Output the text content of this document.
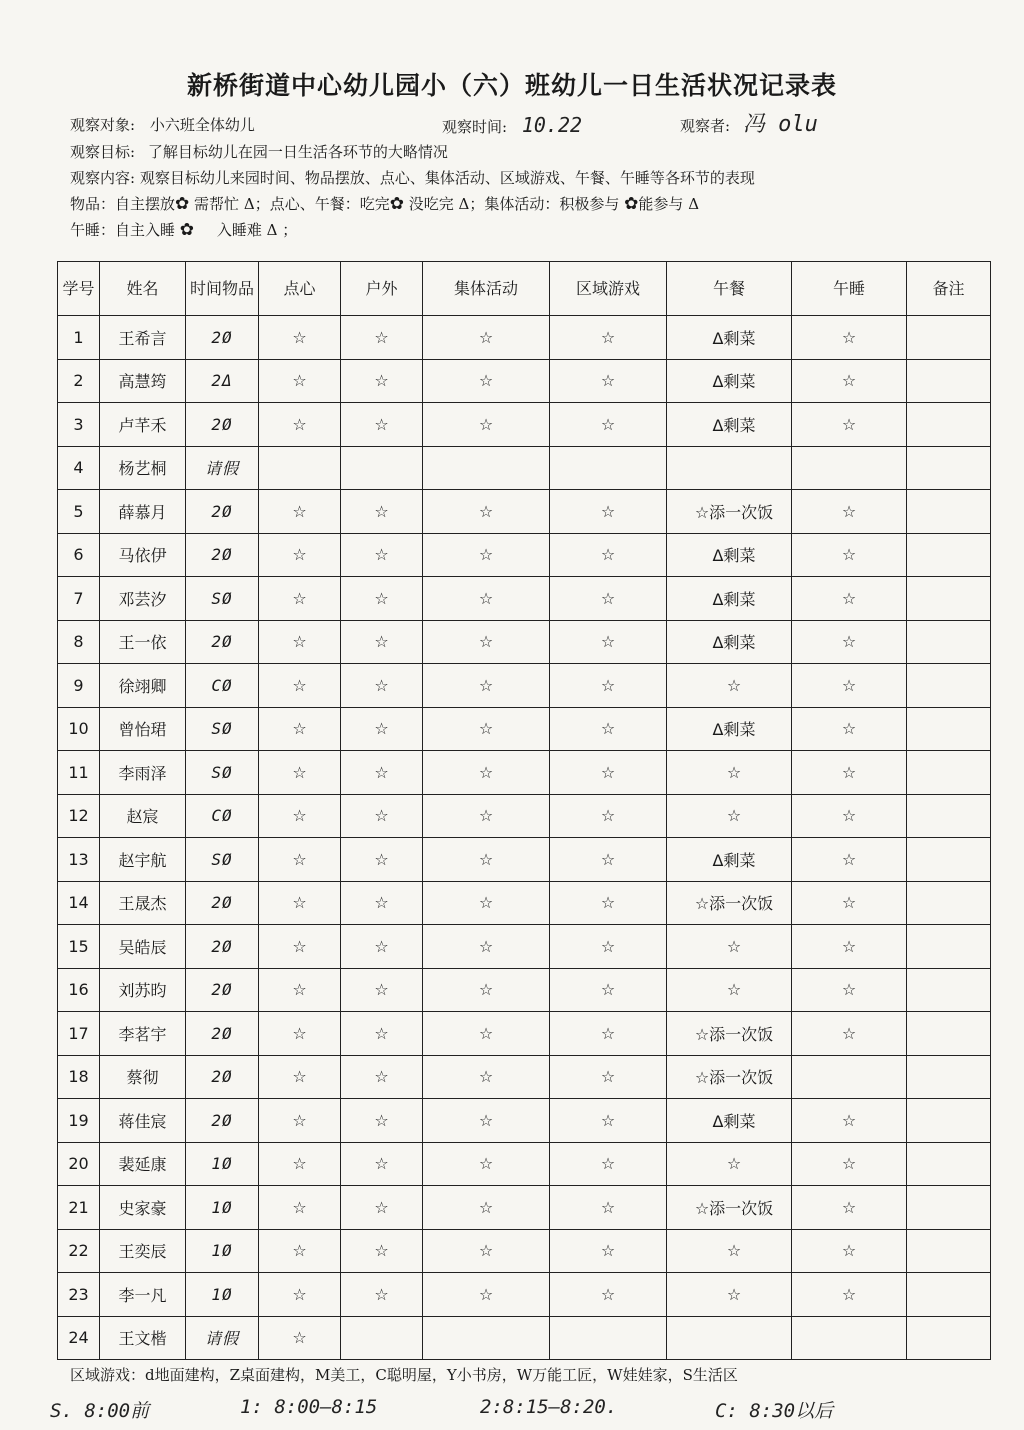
新桥街道中心幼儿园小（六）班幼儿一日生活状况记录表
观察对象: 小六班全体幼儿	观察时间: 10.22	观察者: 冯 olu
观察目标: 了解目标幼儿在园一日生活各环节的大略情况
观察内容: 观察目标幼儿来园时间、物品摆放、点心、集体活动、区域游戏、午餐、午睡等各环节的表现
物品：自主摆放✿ 需帮忙 Δ；点心、午餐：吃完✿ 没吃完 Δ；集体活动：积极参与 ✿能参与 Δ
午睡：自主入睡 ✿ 入睡难 Δ ；
学号	姓名	时间物品	点心	户外	集体活动	区域游戏	午餐	午睡	备注
1	王希言	2Ø	☆	☆	☆	☆	Δ剩菜	☆	
2	高慧筠	2Δ	☆	☆	☆	☆	Δ剩菜	☆	
3	卢芊禾	2Ø	☆	☆	☆	☆	Δ剩菜	☆	
4	杨艺桐	请假							
5	薛慕月	2Ø	☆	☆	☆	☆	☆添一次饭	☆	
6	马依伊	2Ø	☆	☆	☆	☆	Δ剩菜	☆	
7	邓芸汐	SØ	☆	☆	☆	☆	Δ剩菜	☆	
8	王一依	2Ø	☆	☆	☆	☆	Δ剩菜	☆	
9	徐翊卿	CØ	☆	☆	☆	☆	☆	☆	
10	曾怡珺	SØ	☆	☆	☆	☆	Δ剩菜	☆	
11	李雨泽	SØ	☆	☆	☆	☆	☆	☆	
12	赵宸	CØ	☆	☆	☆	☆	☆	☆	
13	赵宇航	SØ	☆	☆	☆	☆	Δ剩菜	☆	
14	王晟杰	2Ø	☆	☆	☆	☆	☆添一次饭	☆	
15	吴皓辰	2Ø	☆	☆	☆	☆	☆	☆	
16	刘苏昀	2Ø	☆	☆	☆	☆	☆	☆	
17	李茗宇	2Ø	☆	☆	☆	☆	☆添一次饭	☆	
18	蔡彻	2Ø	☆	☆	☆	☆	☆添一次饭		
19	蒋佳宸	2Ø	☆	☆	☆	☆	Δ剩菜	☆	
20	裴延康	1Ø	☆	☆	☆	☆	☆	☆	
21	史家豪	1Ø	☆	☆	☆	☆	☆添一次饭	☆	
22	王奕辰	1Ø	☆	☆	☆	☆	☆	☆	
23	李一凡	1Ø	☆	☆	☆	☆	☆	☆	
24	王文楷	请假	☆						
区域游戏：d地面建构，Z桌面建构，M美工，C聪明屋，Y小书房，W万能工匠，W娃娃家，S生活区
S. 8:00前	1: 8:00—8:15	2:8:15—8:20.	C: 8:30以后
